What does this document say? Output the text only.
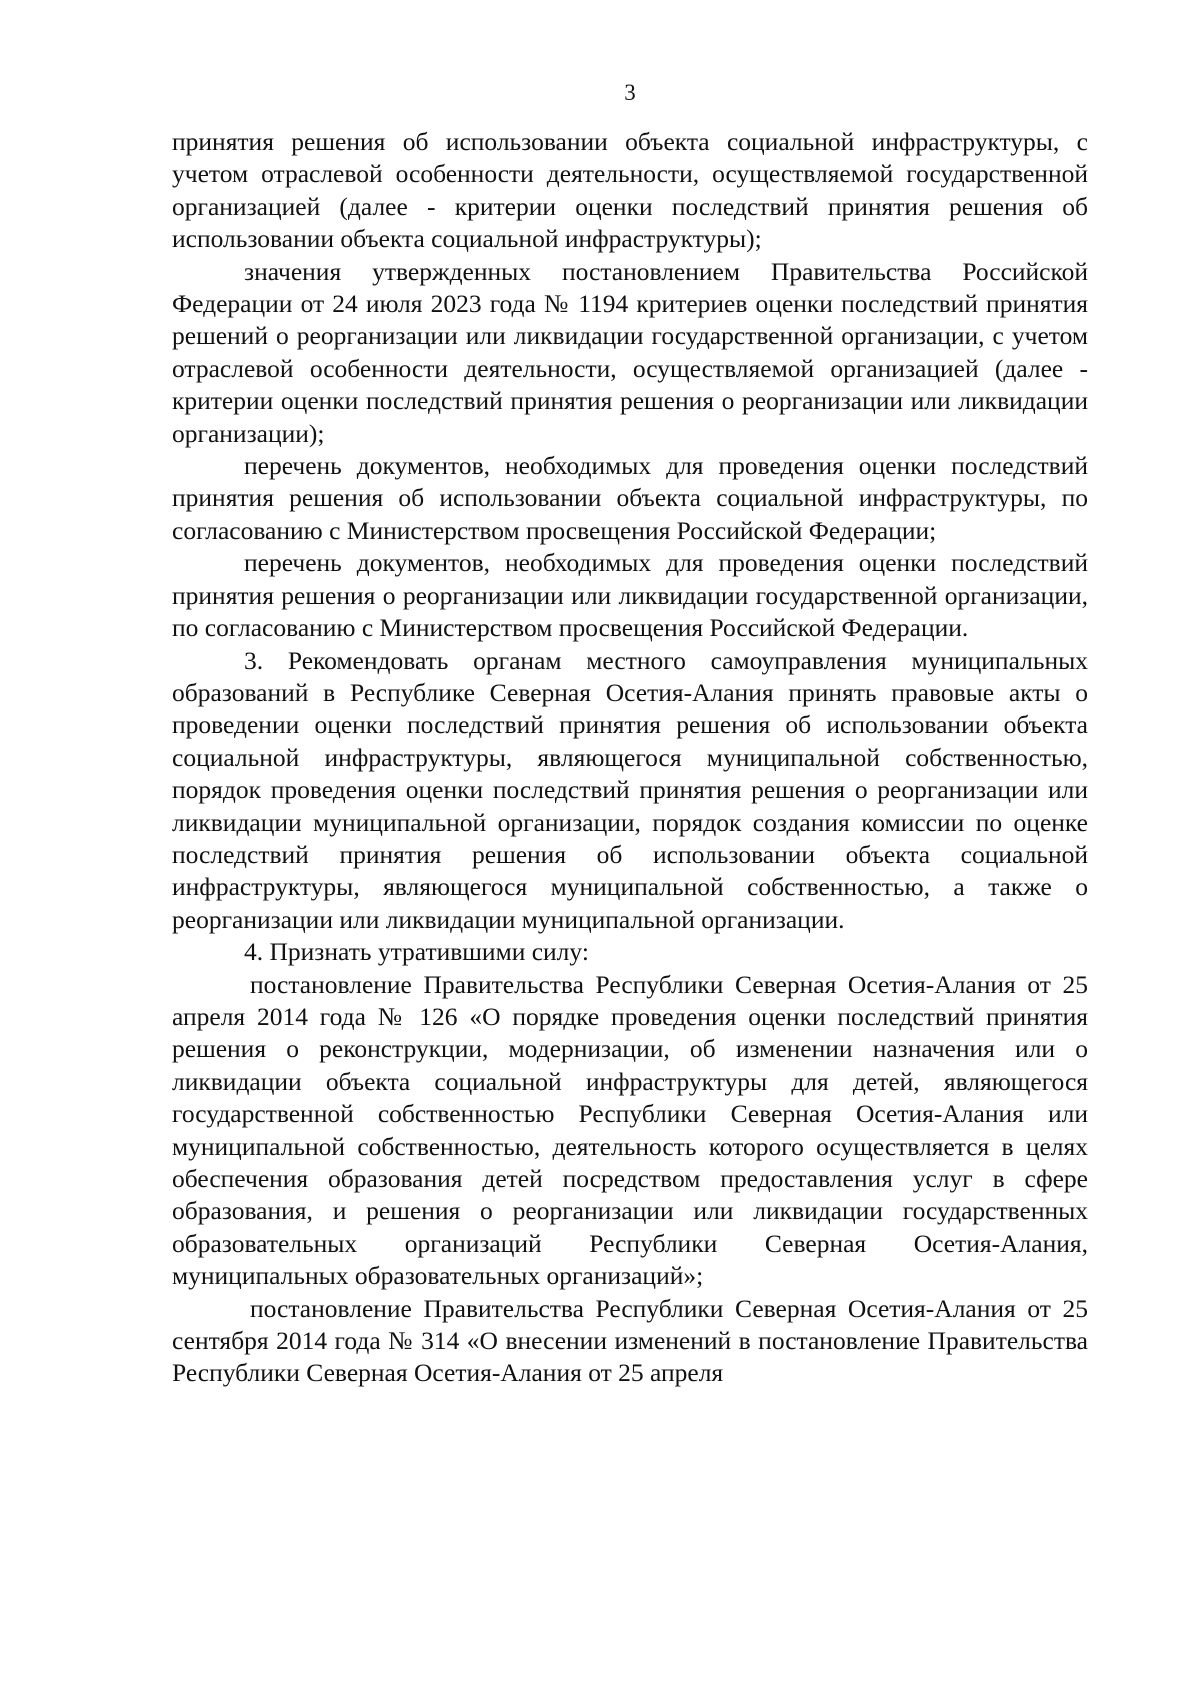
3

принятия решения об использовании объекта социальной инфраструктуры, с учетом отраслевой особенности деятельности, осуществляемой государственной организацией (далее - критерии оценки последствий принятия решения об использовании объекта социальной инфраструктуры);

значения утвержденных постановлением Правительства Российской Федерации от 24 июля 2023 года № 1194 критериев оценки последствий принятия решений о реорганизации или ликвидации государственной организации, с учетом отраслевой особенности деятельности, осуществляемой организацией (далее - критерии оценки последствий принятия решения о реорганизации или ликвидации организации);

перечень документов, необходимых для проведения оценки последствий принятия решения об использовании объекта социальной инфраструктуры, по согласованию с Министерством просвещения Российской Федерации;

перечень документов, необходимых для проведения оценки последствий принятия решения о реорганизации или ликвидации государственной организации, по согласованию с Министерством просвещения Российской Федерации.

3. Рекомендовать органам местного самоуправления муниципальных образований в Республике Северная Осетия-Алания принять правовые акты о проведении оценки последствий принятия решения об использовании объекта социальной инфраструктуры, являющегося муниципальной собственностью, порядок проведения оценки последствий принятия решения о реорганизации или ликвидации муниципальной организации, порядок создания комиссии по оценке последствий принятия решения об использовании объекта социальной инфраструктуры, являющегося муниципальной собственностью, а также о реорганизации или ликвидации муниципальной организации.

4. Признать утратившими силу:

постановление Правительства Республики Северная Осетия-Алания от 25 апреля 2014 года № 126 «О порядке проведения оценки последствий принятия решения о реконструкции, модернизации, об изменении назначения или о ликвидации объекта социальной инфраструктуры для детей, являющегося государственной собственностью Республики Северная Осетия-Алания или муниципальной собственностью, деятельность которого осуществляется в целях обеспечения образования детей посредством предоставления услуг в сфере образования, и решения о реорганизации или ликвидации государственных образовательных организаций Республики Северная Осетия-Алания, муниципальных образовательных организаций»;

постановление Правительства Республики Северная Осетия-Алания от 25 сентября 2014 года № 314 «О внесении изменений в постановление Правительства Республики Северная Осетия-Алания от 25 апреля
